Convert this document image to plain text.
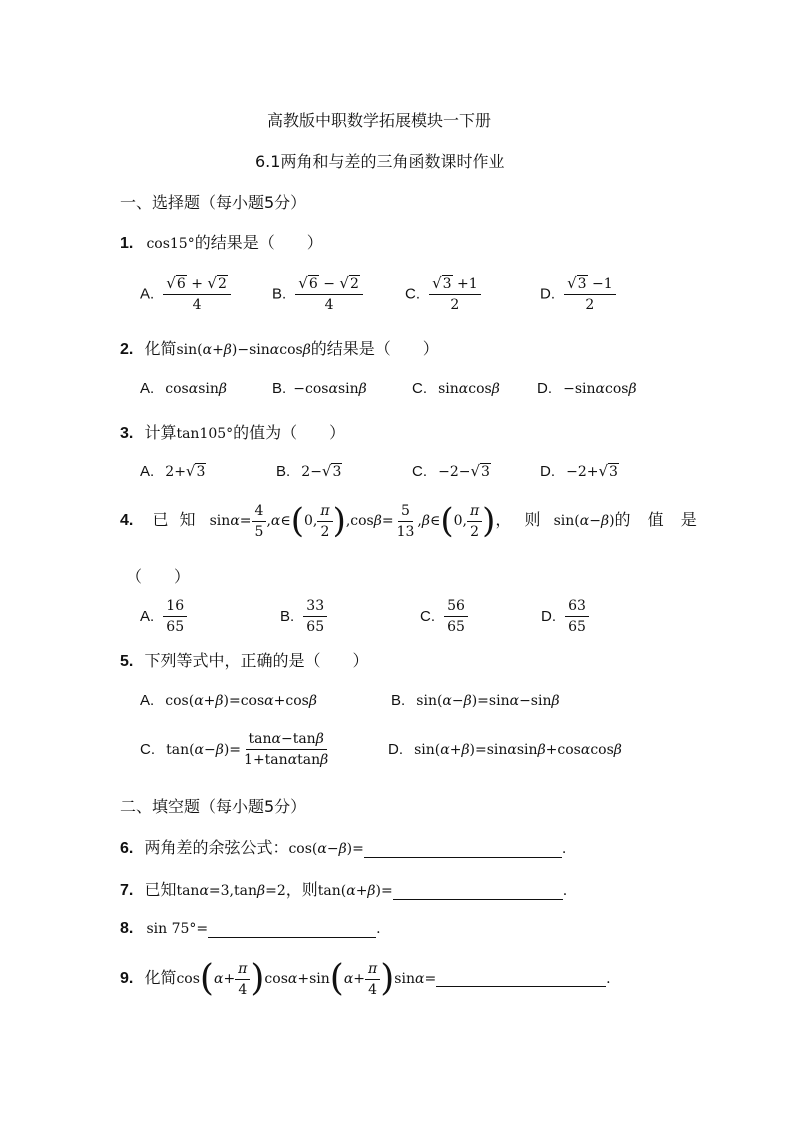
高教版中职数学拓展模块一下册
6.1两角和与差的三角函数课时作业
一、选择题（每小题5分）
1. cos15°的结果是（　　）
A. $\frac{√6 + √2}{4}$	B. $\frac{√6 - √2}{4}$	C. $\frac{√3 +1}{2}$	D. $\frac{√3 -1}{2}$
2. 化简sin(α+β)−sinαcosβ的结果是（　　）
A. cosαsinβ	B. −cosαsinβ	C. sinαcosβ D. −sinαcosβ
3. 计算tan105°的值为（　　）
A. 2+√3	B. 2−√3	C. −2−√3	D. −2+√3
4. 已 知 $\sin\alpha= \frac{4}{5}$ ,α∈(0, $\frac{\pi}{2} ),\cos\beta= \frac{5}{13}$ ,β∈(0, $\frac{\pi}{2}$ )， 则 sin(α−β)的 值 是
（　　）
A. $\frac{16}{65}$	B. $\frac{33}{65}$	C. $\frac{56}{65}$	D. $\frac{63}{65}$
5. 下列等式中，正确的是（　　）
A. cos(α+β)=cosα+cosβ	B. sin(α−β)=sinα−sinβ
C. $\tan(\alpha-\beta)= \frac{\tan\alpha-\tan\beta}{1+\tan\alpha\tan\beta}$	D. sin(α+β)=sinαsinβ+cosαcosβ
二、填空题（每小题5分）
6. 两角差的余弦公式：cos(α−β)=	.
7. 已知tanα=3,tanβ=2，则tan(α+β)=	.
8. sin 75°=	.
9. 化简$\cos(\alpha+ \frac{\pi}{4} )\cos\alpha+\sin(\alpha+ \frac{\pi}{4} )\sin\alpha=$	.
